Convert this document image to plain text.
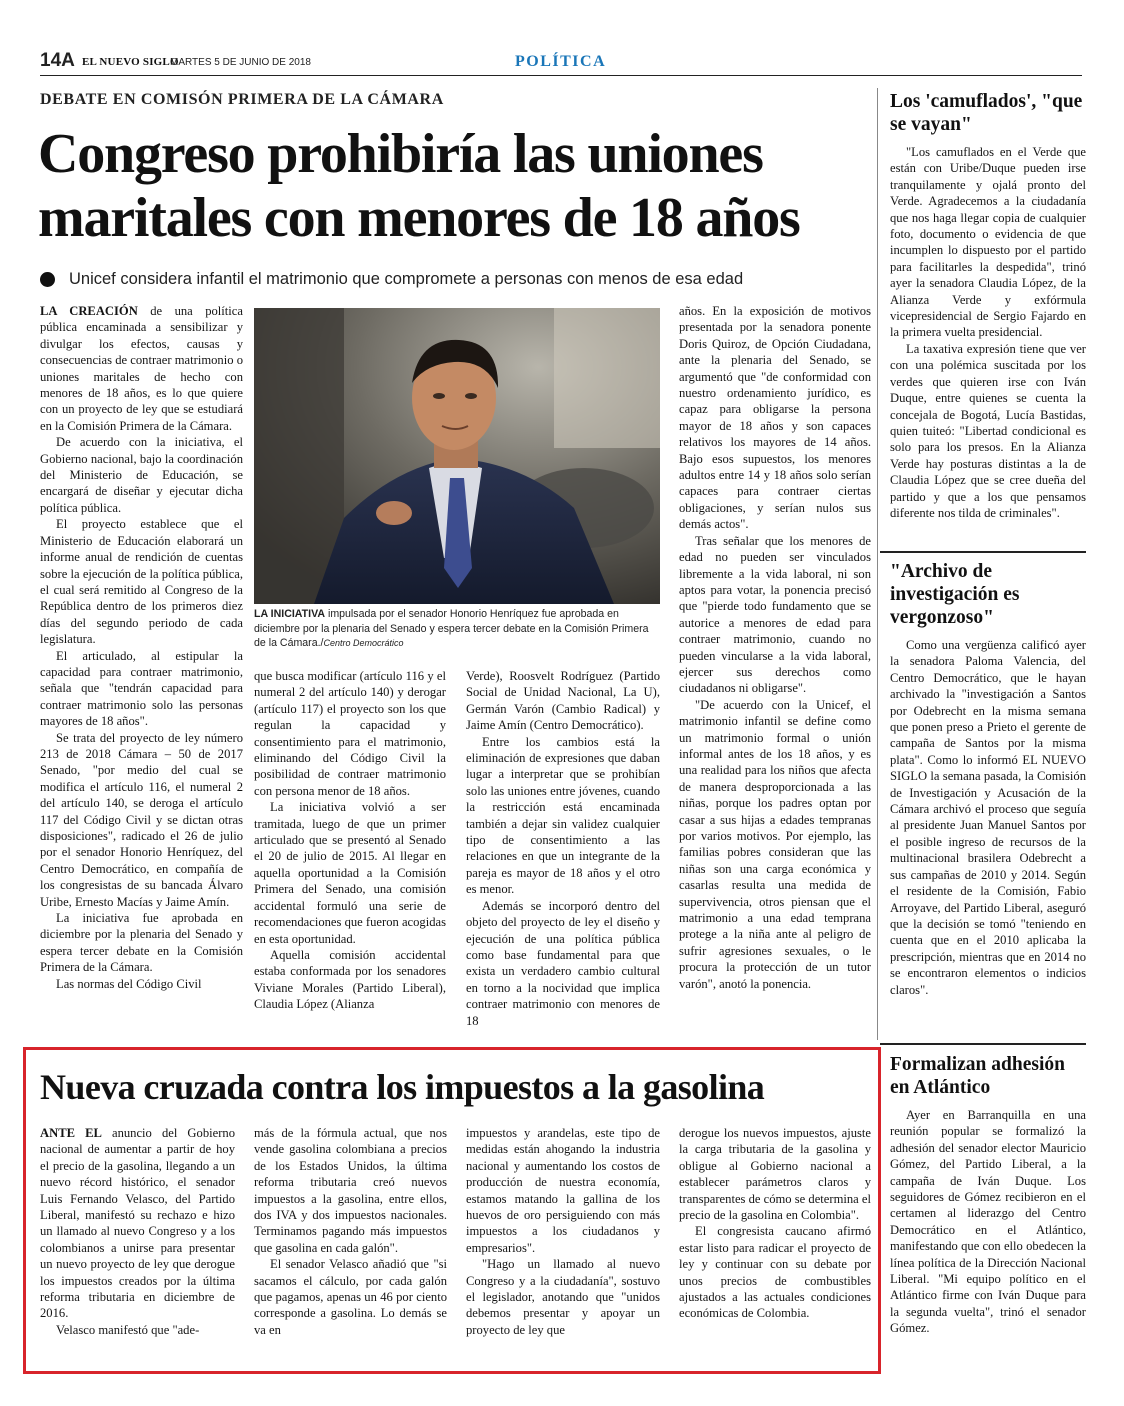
14A EL NUEVO SIGLO
MARTES 5 DE JUNIO DE 2018	POLÍTICA
DEBATE EN COMISÓN PRIMERA DE LA CÁMARA
Congreso prohibiría las uniones maritales con menores de 18 años
Unicef considera infantil el matrimonio que compromete a personas con menos de esa edad

LA CREACIÓN de una política pública encaminada a sensibilizar y divulgar los efectos, causas y consecuencias de contraer matrimonio o uniones maritales de hecho con menores de 18 años, es lo que quiere con un proyecto de ley que se estudiará en la Comisión Primera de la Cámara.

De acuerdo con la iniciativa, el Gobierno nacional, bajo la coordinación del Ministerio de Educación, se encargará de diseñar y ejecutar dicha política pública.

El proyecto establece que el Ministerio de Educación elaborará un informe anual de rendición de cuentas sobre la ejecución de la política pública, el cual será remitido al Congreso de la República dentro de los primeros diez días del segundo periodo de cada legislatura.

El articulado, al estipular la capacidad para contraer matrimonio, señala que "tendrán capacidad para contraer matrimonio solo las personas mayores de 18 años".

Se trata del proyecto de ley número 213 de 2018 Cámara – 50 de 2017 Senado, "por medio del cual se modifica el artículo 116, el numeral 2 del artículo 140, se deroga el artículo 117 del Código Civil y se dictan otras disposiciones", radicado el 26 de julio por el senador Honorio Henríquez, del Centro Democrático, en compañía de los congresistas de su bancada Álvaro Uribe, Ernesto Macías y Jaime Amín.

La iniciativa fue aprobada en diciembre por la plenaria del Senado y espera tercer debate en la Comisión Primera de la Cámara.

Las normas del Código Civil

LA INICIATIVA impulsada por el senador Honorio Henríquez fue aprobada en diciembre por la plenaria del Senado y espera tercer debate en la Comisión Primera de la Cámara./Centro Democrático

que busca modificar (artículo 116 y el numeral 2 del artículo 140) y derogar (artículo 117) el proyecto son los que regulan la capacidad y consentimiento para el matrimonio, eliminando del Código Civil la posibilidad de contraer matrimonio con persona menor de 18 años.

La iniciativa volvió a ser tramitada, luego de que un primer articulado que se presentó al Senado el 20 de julio de 2015. Al llegar en aquella oportunidad a la Comisión Primera del Senado, una comisión accidental formuló una serie de recomendaciones que fueron acogidas en esta oportunidad.

Aquella comisión accidental estaba conformada por los senadores Viviane Morales (Partido Liberal), Claudia López (Alianza

Verde), Roosvelt Rodríguez (Partido Social de Unidad Nacional, La U), Germán Varón (Cambio Radical) y Jaime Amín (Centro Democrático).

Entre los cambios está la eliminación de expresiones que daban lugar a interpretar que se prohibían solo las uniones entre jóvenes, cuando la restricción está encaminada también a dejar sin validez cualquier tipo de consentimiento a las relaciones en que un integrante de la pareja es mayor de 18 años y el otro es menor.

Además se incorporó dentro del objeto del proyecto de ley el diseño y ejecución de una política pública como base fundamental para que exista un verdadero cambio cultural en torno a la nocividad que implica contraer matrimonio con menores de 18

años. En la exposición de motivos presentada por la senadora ponente Doris Quiroz, de Opción Ciudadana, ante la plenaria del Senado, se argumentó que "de conformidad con nuestro ordenamiento jurídico, es capaz para obligarse la persona mayor de 18 años y son capaces relativos los mayores de 14 años. Bajo esos supuestos, los menores adultos entre 14 y 18 años solo serían capaces para contraer ciertas obligaciones, y serían nulos sus demás actos".

Tras señalar que los menores de edad no pueden ser vinculados libremente a la vida laboral, ni son aptos para votar, la ponencia precisó que "pierde todo fundamento que se autorice a menores de edad para contraer matrimonio, cuando no pueden vincularse a la vida laboral, ejercer sus derechos como ciudadanos ni obligarse".

"De acuerdo con la Unicef, el matrimonio infantil se define como un matrimonio formal o unión informal antes de los 18 años, y es una realidad para los niños que afecta de manera desproporcionada a las niñas, porque los padres optan por casar a sus hijas a edades tempranas por varios motivos. Por ejemplo, las familias pobres consideran que las niñas son una carga económica y casarlas resulta una medida de supervivencia, otros piensan que el matrimonio a una edad temprana protege a la niña ante al peligro de sufrir agresiones sexuales, o le procura la protección de un tutor varón", anotó la ponencia.

Los 'camuflados', "que se vayan"

"Los camuflados en el Verde que están con Uribe/Duque pueden irse tranquilamente y ojalá pronto del Verde. Agradecemos a la ciudadanía que nos haga llegar copia de cualquier foto, documento o evidencia de que incumplen lo dispuesto por el partido para facilitarles la despedida", trinó ayer la senadora Claudia López, de la Alianza Verde y exfórmula vicepresidencial de Sergio Fajardo en la primera vuelta presidencial.

La taxativa expresión tiene que ver con una polémica suscitada por los verdes que quieren irse con Iván Duque, entre quienes se cuenta la concejala de Bogotá, Lucía Bastidas, quien tuiteó: "Libertad condicional es solo para los presos. En la Alianza Verde hay posturas distintas a la de Claudia López que se cree dueña del partido y que a los que pensamos diferente nos tilda de criminales".

"Archivo de investigación es vergonzoso"

Como una vergüenza calificó ayer la senadora Paloma Valencia, del Centro Democrático, que le hayan archivado la "investigación a Santos por Odebrecht en la misma semana que ponen preso a Prieto el gerente de campaña de Santos por la misma plata". Como lo informó EL NUEVO SIGLO la semana pasada, la Comisión de Investigación y Acusación de la Cámara archivó el proceso que seguía al presidente Juan Manuel Santos por el posible ingreso de recursos de la multinacional brasilera Odebrecht a sus campañas de 2010 y 2014. Según el residente de la Comisión, Fabio Arroyave, del Partido Liberal, aseguró que la decisión se tomó "teniendo en cuenta que en el 2010 aplicaba la prescripción, mientras que en 2014 no se encontraron elementos o indicios claros".

Formalizan adhesión en Atlántico

Ayer en Barranquilla en una reunión popular se formalizó la adhesión del senador elector Mauricio Gómez, del Partido Liberal, a la campaña de Iván Duque. Los seguidores de Gómez recibieron en el certamen al liderazgo del Centro Democrático en el Atlántico, manifestando que con ello obedecen la línea política de la Dirección Nacional Liberal. "Mi equipo político en el Atlántico firme con Iván Duque para la segunda vuelta", trinó el senador Gómez.

Nueva cruzada contra los impuestos a la gasolina

ANTE EL anuncio del Gobierno nacional de aumentar a partir de hoy el precio de la gasolina, llegando a un nuevo récord histórico, el senador Luis Fernando Velasco, del Partido Liberal, manifestó su rechazo e hizo un llamado al nuevo Congreso y a los colombianos a unirse para presentar un nuevo proyecto de ley que derogue los impuestos creados por la última reforma tributaria en diciembre de 2016.

Velasco manifestó que "ade-

más de la fórmula actual, que nos vende gasolina colombiana a precios de los Estados Unidos, la última reforma tributaria creó nuevos impuestos a la gasolina, entre ellos, dos IVA y dos impuestos nacionales. Terminamos pagando más impuestos que gasolina en cada galón".

El senador Velasco añadió que "si sacamos el cálculo, por cada galón que pagamos, apenas un 46 por ciento corresponde a gasolina. Lo demás se va en

impuestos y arandelas, este tipo de medidas están ahogando la industria nacional y aumentando los costos de producción de nuestra economía, estamos matando la gallina de los huevos de oro persiguiendo con más impuestos a los ciudadanos y empresarios".

"Hago un llamado al nuevo Congreso y a la ciudadanía", sostuvo el legislador, anotando que "unidos debemos presentar y apoyar un proyecto de ley que

derogue los nuevos impuestos, ajuste la carga tributaria de la gasolina y obligue al Gobierno nacional a establecer parámetros claros y transparentes de cómo se determina el precio de la gasolina en Colombia".

El congresista caucano afirmó estar listo para radicar el proyecto de ley y continuar con su debate por unos precios de combustibles ajustados a las actuales condiciones económicas de Colombia.
